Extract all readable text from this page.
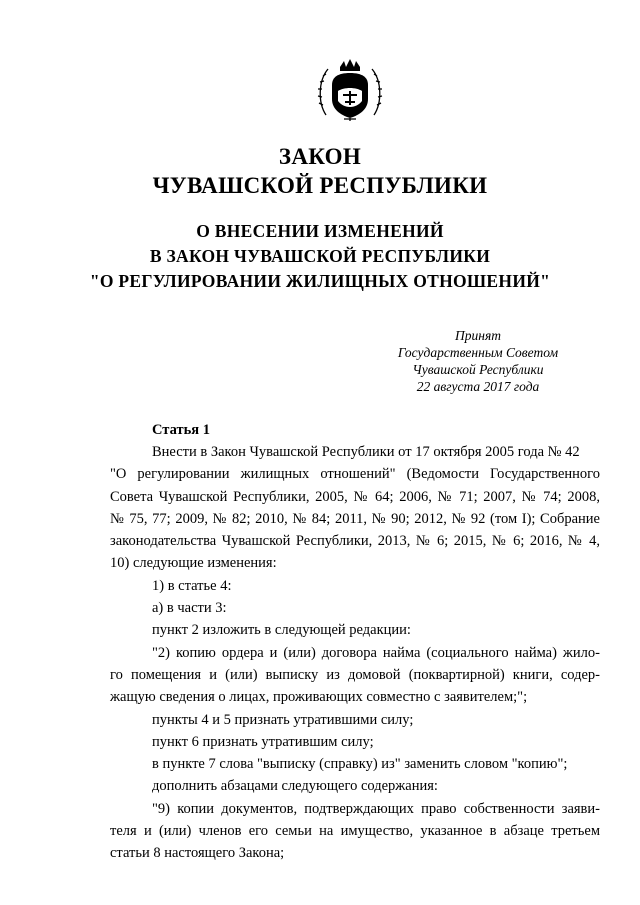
ЗАКОН
ЧУВАШСКОЙ РЕСПУБЛИКИ
О ВНЕСЕНИИ ИЗМЕНЕНИЙ
В ЗАКОН ЧУВАШСКОЙ РЕСПУБЛИКИ
"О РЕГУЛИРОВАНИИ ЖИЛИЩНЫХ ОТНОШЕНИЙ"
Принят
Государственным Советом
Чувашской Республики
22 августа 2017 года
Статья 1
Внести в Закон Чувашской Республики от 17 октября 2005 года № 42
"О регулировании жилищных отношений" (Ведомости Государственного
Совета Чувашской Республики, 2005, № 64; 2006, № 71; 2007, № 74; 2008,
№ 75, 77; 2009, № 82; 2010, № 84; 2011, № 90; 2012, № 92 (том I); Собрание
законодательства Чувашской Республики, 2013, № 6; 2015, № 6; 2016, № 4,
10) следующие изменения:
1) в статье 4:
а) в части 3:
пункт 2 изложить в следующей редакции:
"2) копию ордера и (или) договора найма (социального найма) жило-
го помещения и (или) выписку из домовой (поквартирной) книги, содер-
жащую сведения о лицах, проживающих совместно с заявителем;";
пункты 4 и 5 признать утратившими силу;
пункт 6 признать утратившим силу;
в пункте 7 слова "выписку (справку) из" заменить словом "копию";
дополнить абзацами следующего содержания:
"9) копии документов, подтверждающих право собственности заяви-
теля и (или) членов его семьи на имущество, указанное в абзаце третьем
статьи 8 настоящего Закона;
